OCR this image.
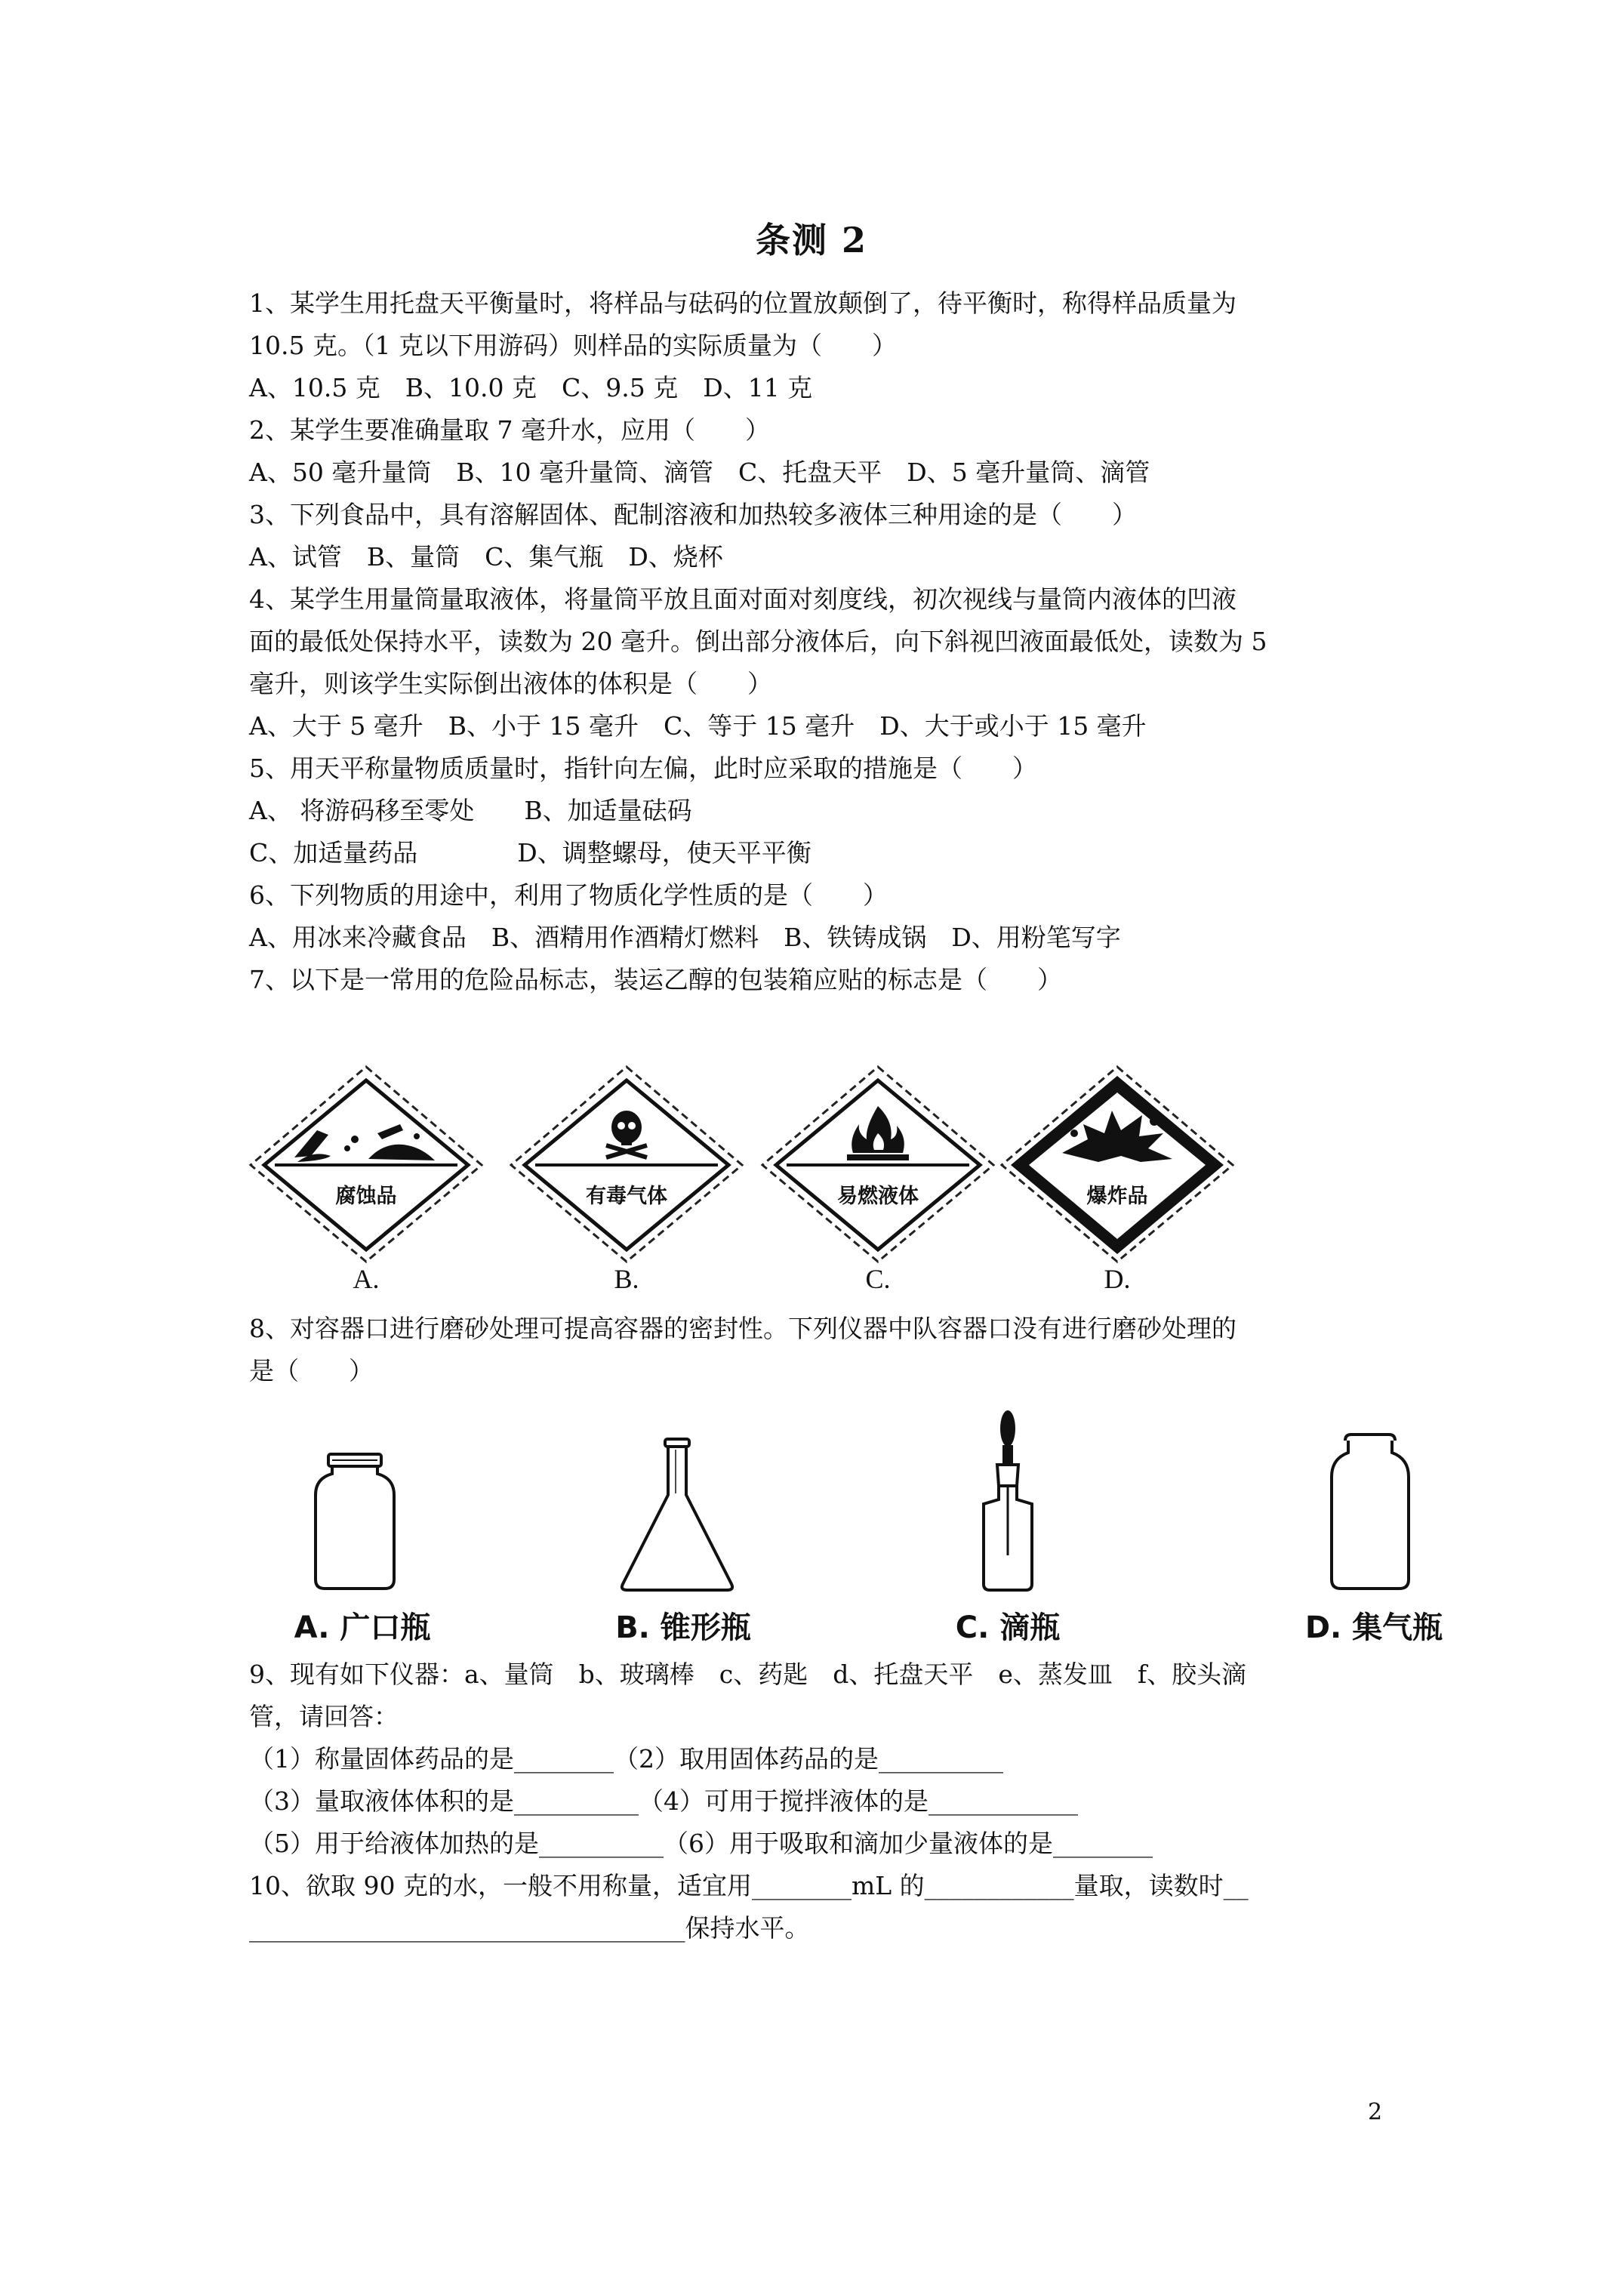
条测 2
1、某学生用托盘天平衡量时，将样品与砝码的位置放颠倒了，待平衡时，称得样品质量为
10.5 克。（1 克以下用游码）则样品的实际质量为（　　）
A、10.5 克　B、10.0 克　C、9.5 克　D、11 克
2、某学生要准确量取 7 毫升水，应用（　　）
A、50 毫升量筒　B、10 毫升量筒、滴管　C、托盘天平　D、5 毫升量筒、滴管
3、下列食品中，具有溶解固体、配制溶液和加热较多液体三种用途的是（　　）
A、试管　B、量筒　C、集气瓶　D、烧杯
4、某学生用量筒量取液体，将量筒平放且面对面对刻度线，初次视线与量筒内液体的凹液
面的最低处保持水平，读数为 20 毫升。倒出部分液体后，向下斜视凹液面最低处，读数为 5
毫升，则该学生实际倒出液体的体积是（　　）
A、大于 5 毫升　B、小于 15 毫升　C、等于 15 毫升　D、大于或小于 15 毫升
5、用天平称量物质质量时，指针向左偏，此时应采取的措施是（　　）
A、 将游码移至零处　　B、加适量砝码
C、加适量药品　　　　D、调整螺母，使天平平衡
6、下列物质的用途中，利用了物质化学性质的是（　　）
A、用冰来冷藏食品　B、酒精用作酒精灯燃料　B、铁铸成锅　D、用粉笔写字
7、以下是一常用的危险品标志，装运乙醇的包装箱应贴的标志是（　　）
腐蚀品
A.
有毒气体
B.
易燃液体
C.
爆炸品
D.
8、对容器口进行磨砂处理可提高容器的密封性。下列仪器中队容器口没有进行磨砂处理的
是（　　）
A. 广口瓶	B. 锥形瓶	C. 滴瓶	D. 集气瓶
9、现有如下仪器：a、量筒　b、玻璃棒　c、药匙　d、托盘天平　e、蒸发皿　f、胶头滴
管，请回答：
（1）称量固体药品的是________（2）取用固体药品的是__________
（3）量取液体体积的是__________（4）可用于搅拌液体的是____________
（5）用于给液体加热的是__________（6）用于吸取和滴加少量液体的是________
10、欲取 90 克的水，一般不用称量，适宜用________mL 的____________量取，读数时__
___________________________________保持水平。
2
